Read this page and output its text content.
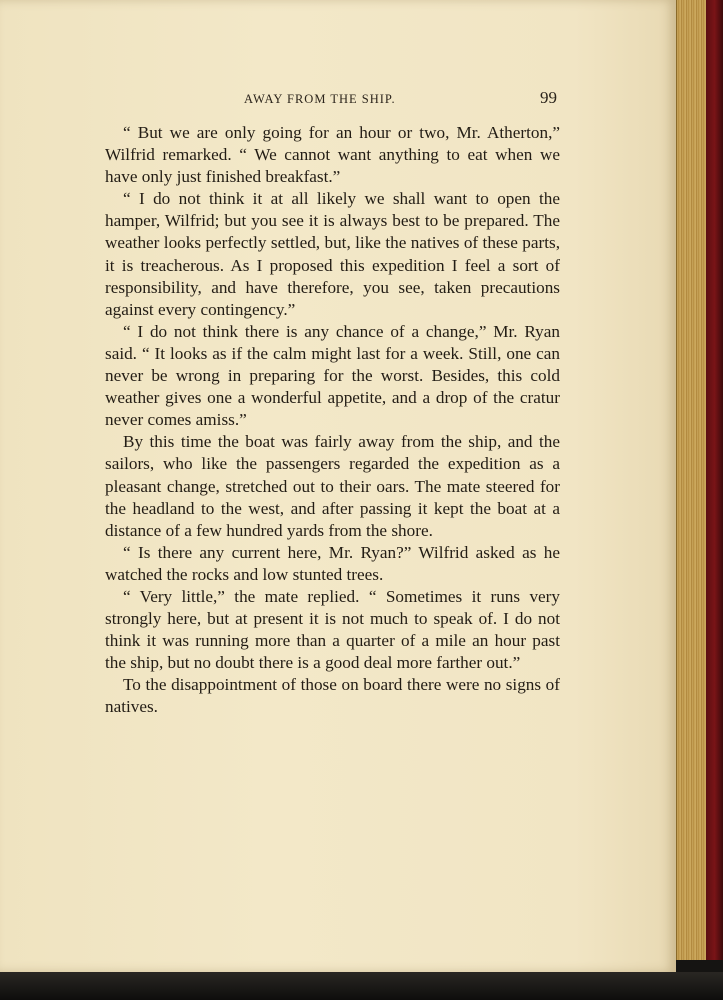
AWAY FROM THE SHIP.	99

“ But we are only going for an hour or two, Mr. Atherton,” Wilfrid remarked. “ We cannot want anything to eat when we have only just finished breakfast.”

“ I do not think it at all likely we shall want to open the hamper, Wilfrid; but you see it is always best to be prepared. The weather looks perfectly settled, but, like the natives of these parts, it is treacherous. As I proposed this expedition I feel a sort of responsibility, and have therefore, you see, taken precautions against every contingency.”

“ I do not think there is any chance of a change,” Mr. Ryan said. “ It looks as if the calm might last for a week. Still, one can never be wrong in preparing for the worst. Besides, this cold weather gives one a wonderful appetite, and a drop of the cratur never comes amiss.”

By this time the boat was fairly away from the ship, and the sailors, who like the passengers regarded the expedition as a pleasant change, stretched out to their oars. The mate steered for the headland to the west, and after passing it kept the boat at a distance of a few hundred yards from the shore.

“ Is there any current here, Mr. Ryan?” Wilfrid asked as he watched the rocks and low stunted trees.

“ Very little,” the mate replied. “ Sometimes it runs very strongly here, but at present it is not much to speak of. I do not think it was running more than a quarter of a mile an hour past the ship, but no doubt there is a good deal more farther out.”

To the disappointment of those on board there were no signs of natives.
